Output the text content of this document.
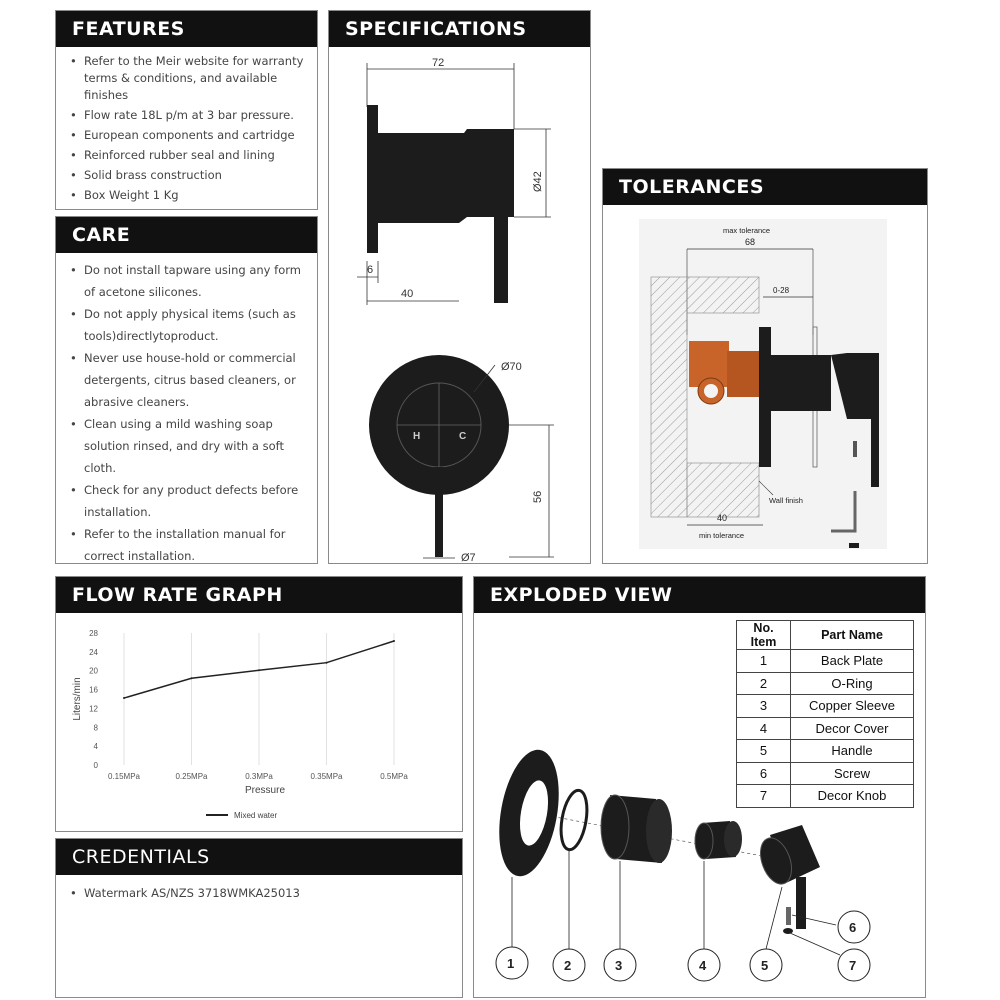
FEATURES
• Refer to the Meir website for warranty terms & conditions, and available finishes
• Flow rate 18L p/m at 3 bar pressure.
• European components and cartridge
• Reinforced rubber seal and lining
• Solid brass construction
• Box Weight 1 Kg
CARE
• Do not install tapware using any form of acetone silicones.
• Do not apply physical items (such as tools)directlytoproduct.
• Never use house-hold or commercial detergents, citrus based cleaners, or abrasive cleaners.
• Clean using a mild washing soap solution rinsed, and dry with a soft cloth.
• Check for any product defects before installation.
• Refer to the installation manual for correct installation.
SPECIFICATIONS
72
Ø42
6
40
Ø70
H	C
56
Ø7
TOLERANCES
max tolerance
68
0-28
Wall finish
40
min tolerance
FLOW RATE GRAPH
0.15MPa	0.25MPa	0.3MPa	0.35MPa	0.5MPa
0
4
8
12
16
20
24
28
Pressure
Liters/min
Mixed water
CREDENTIALS
• Watermark AS/NZS 3718WMKA25013
EXPLODED VIEW
No. Item	Part Name
1	Back Plate
2	O-Ring
3	Copper Sleeve
4	Decor Cover
5	Handle
6	Screw
7	Decor Knob
1	2	3	4	5
6
7
